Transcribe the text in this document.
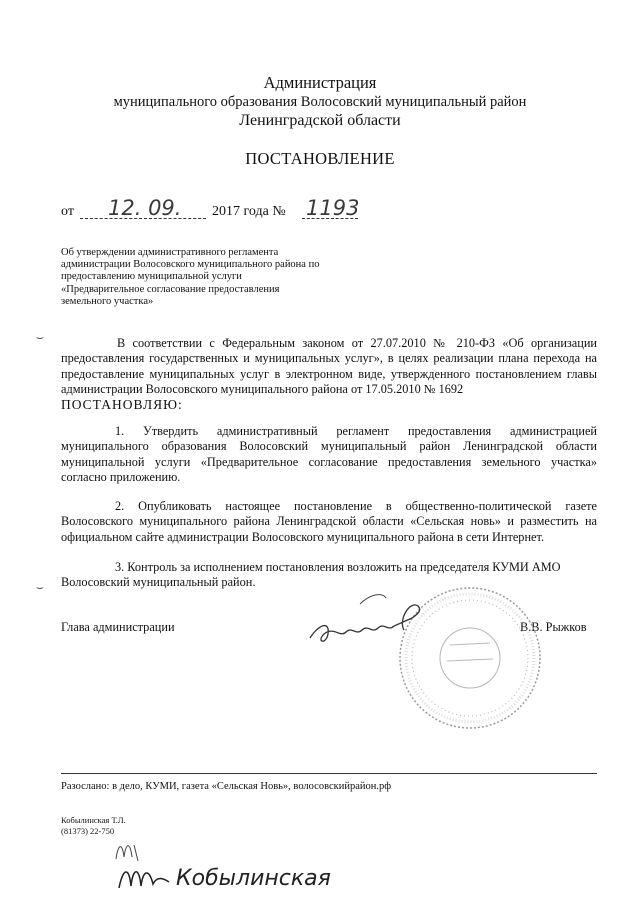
Администрация
муниципального образования Волосовский муниципальный район
Ленинградской области
ПОСТАНОВЛЕНИЕ
от 12. 09. 2017 года № 1193
Об утверждении административного регламента администрации Волосовского муниципального района по предоставлению муниципальной услуги «Предварительное согласование предоставления земельного участка»
⌣
⌣
В соответствии с Федеральным законом от 27.07.2010 № 210-ФЗ «Об организации предоставления государственных и муниципальных услуг», в целях реализации плана перехода на предоставление муниципальных услуг в электронном виде, утвержденного постановлением главы администрации Волосовского муниципального района от 17.05.2010 № 1692
ПОСТАНОВЛЯЮ:
1. Утвердить административный регламент предоставления администрацией муниципального образования Волосовский муниципальный район Ленинградской области муниципальной услуги «Предварительное согласование предоставления земельного участка» согласно приложению.
2. Опубликовать настоящее постановление в общественно-политической газете Волосовского муниципального района Ленинградской области «Сельская новь» и разместить на официальном сайте администрации Волосовского муниципального района в сети Интернет.
3. Контроль за исполнением постановления возложить на председателя КУМИ АМО Волосовский муниципальный район.
Глава администрации	В.В. Рыжков
Разослано: в дело, КУМИ, газета «Сельская Новь», волосовскийрайон.рф
Кобылинская Т.Л.
(81373) 22-750
Кобылинская
